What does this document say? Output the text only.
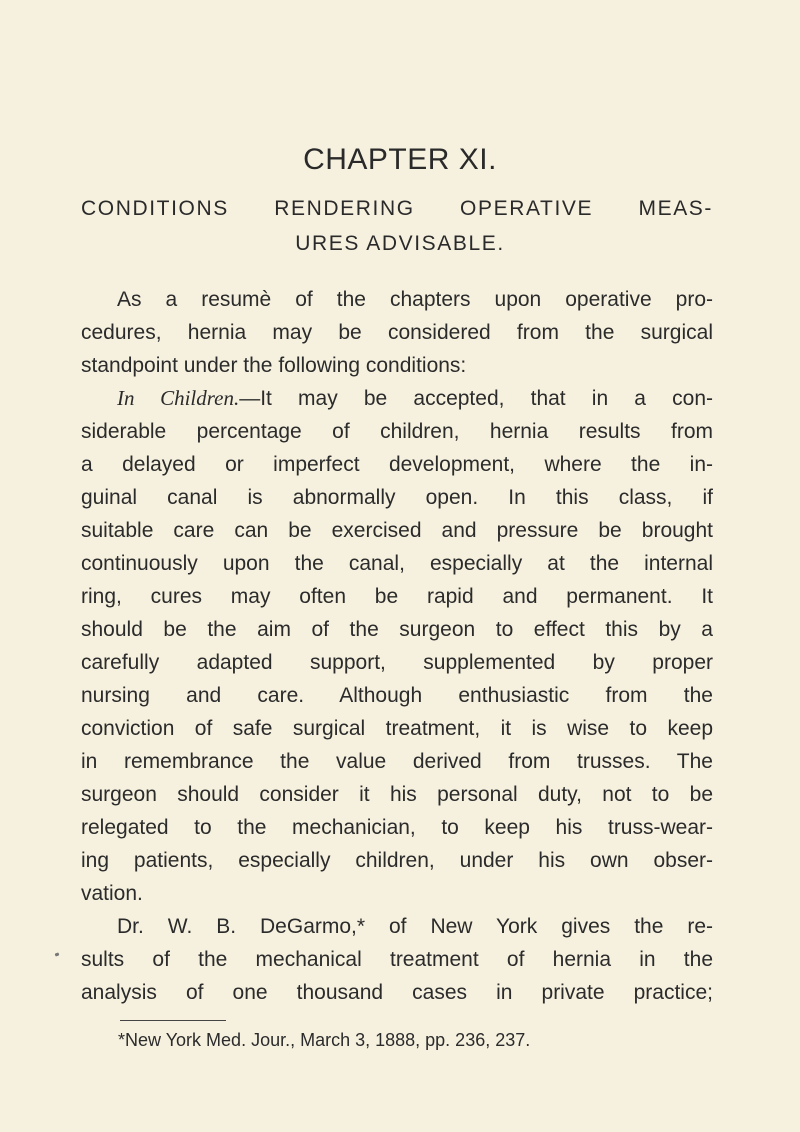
CHAPTER XI.
CONDITIONS RENDERING OPERATIVE MEAS-
URES ADVISABLE.
As a resumè of the chapters upon operative pro-
cedures, hernia may be considered from the surgical
standpoint under the following conditions:
In Children.—It may be accepted, that in a con-
siderable percentage of children, hernia results from
a delayed or imperfect development, where the in-
guinal canal is abnormally open. In this class, if
suitable care can be exercised and pressure be brought
continuously upon the canal, especially at the internal
ring, cures may often be rapid and permanent. It
should be the aim of the surgeon to effect this by a
carefully adapted support, supplemented by proper
nursing and care. Although enthusiastic from the
conviction of safe surgical treatment, it is wise to keep
in remembrance the value derived from trusses. The
surgeon should consider it his personal duty, not to be
relegated to the mechanician, to keep his truss-wear-
ing patients, especially children, under his own obser-
vation.
Dr. W. B. DeGarmo,* of New York gives the re-
sults of the mechanical treatment of hernia in the
analysis of one thousand cases in private practice;
*New York Med. Jour., March 3, 1888, pp. 236, 237.
